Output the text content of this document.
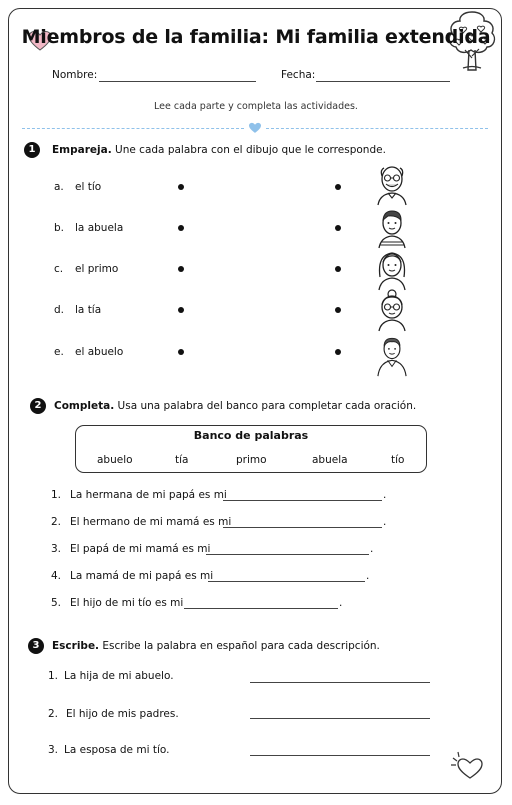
Miembros de la familia: Mi familia extendida
Nombre:	Fecha:
Lee cada parte y completa las actividades.
1	Empareja. Une cada palabra con el dibujo que le corresponde.
a. el tío
b. la abuela
c. el primo
d. la tía
e. el abuelo
2	Completa. Usa una palabra del banco para completar cada oración.
Banco de palabras
abuelo	tía	primo	abuela	tío
1. La hermana de mi papá es mi	.
2. El hermano de mi mamá es mi	.
3. El papá de mi mamá es mi	.
4. La mamá de mi papá es mi	.
5. El hijo de mi tío es mi	.
3	Escribe. Escribe la palabra en español para cada descripción.
1. La hija de mi abuelo.
2. El hijo de mis padres.
3. La esposa de mi tío.
